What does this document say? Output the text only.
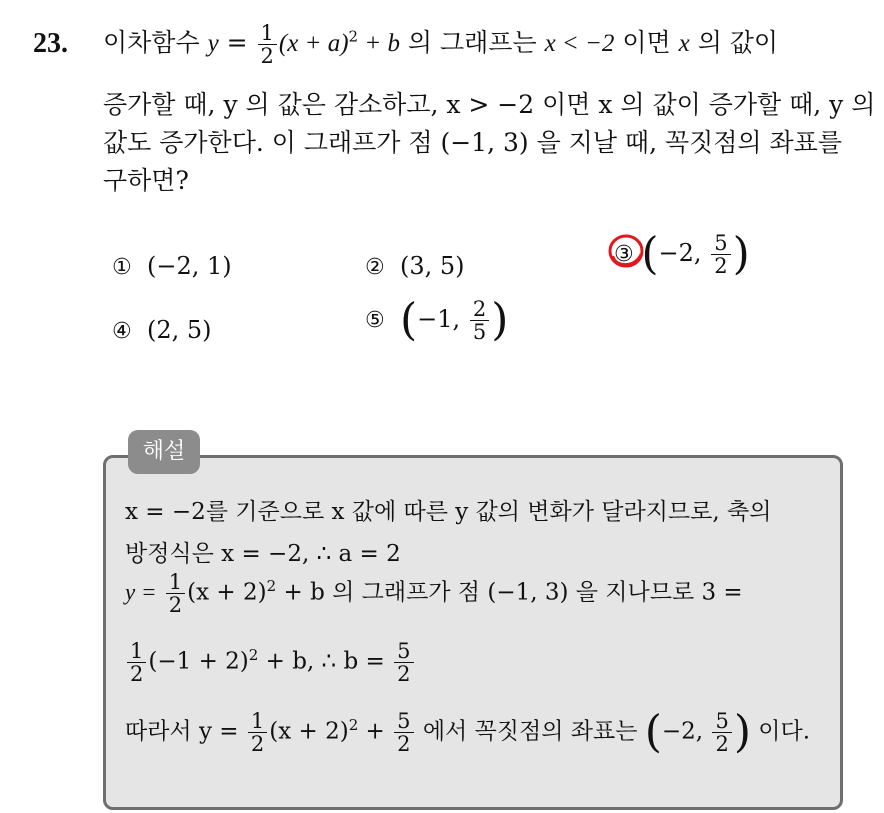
23. 이차함수 $y = \frac{1}{2} (x + a)^2 + b$ 의 그래프는 x < −2 이면 x 의 값이
증가할 때, y 의 값은 감소하고, x > −2 이면 x 의 값이 증가할 때, y 의
값도 증가한다. 이 그래프가 점 (−1, 3) 을 지날 때, 꼭짓점의 좌표를
구하면?
① (−2, 1)	② (3, 5)	③ (−2, $\frac{5}{2}$ )
④ (2, 5)	⑤ (−1, $\frac{2}{5}$ )
해설
x = −2를 기준으로 x 값에 따른 y 값의 변화가 달라지므로, 축의
방정식은 x = −2, ∴ a = 2
$y = \frac{1}{2} (x + 2)^2 + b$ 의 그래프가 점 (−1, 3) 을 지나므로 3 =
$\frac{1}{2} (-1 + 2)^2 + b$, ∴ $b = \frac{5}{2}$
따라서 $y = \frac{1}{2} (x + 2)^2 + \frac{5}{2}$ 에서 꼭짓점의 좌표는 (−2, $\frac{5}{2}$ ) 이다.
